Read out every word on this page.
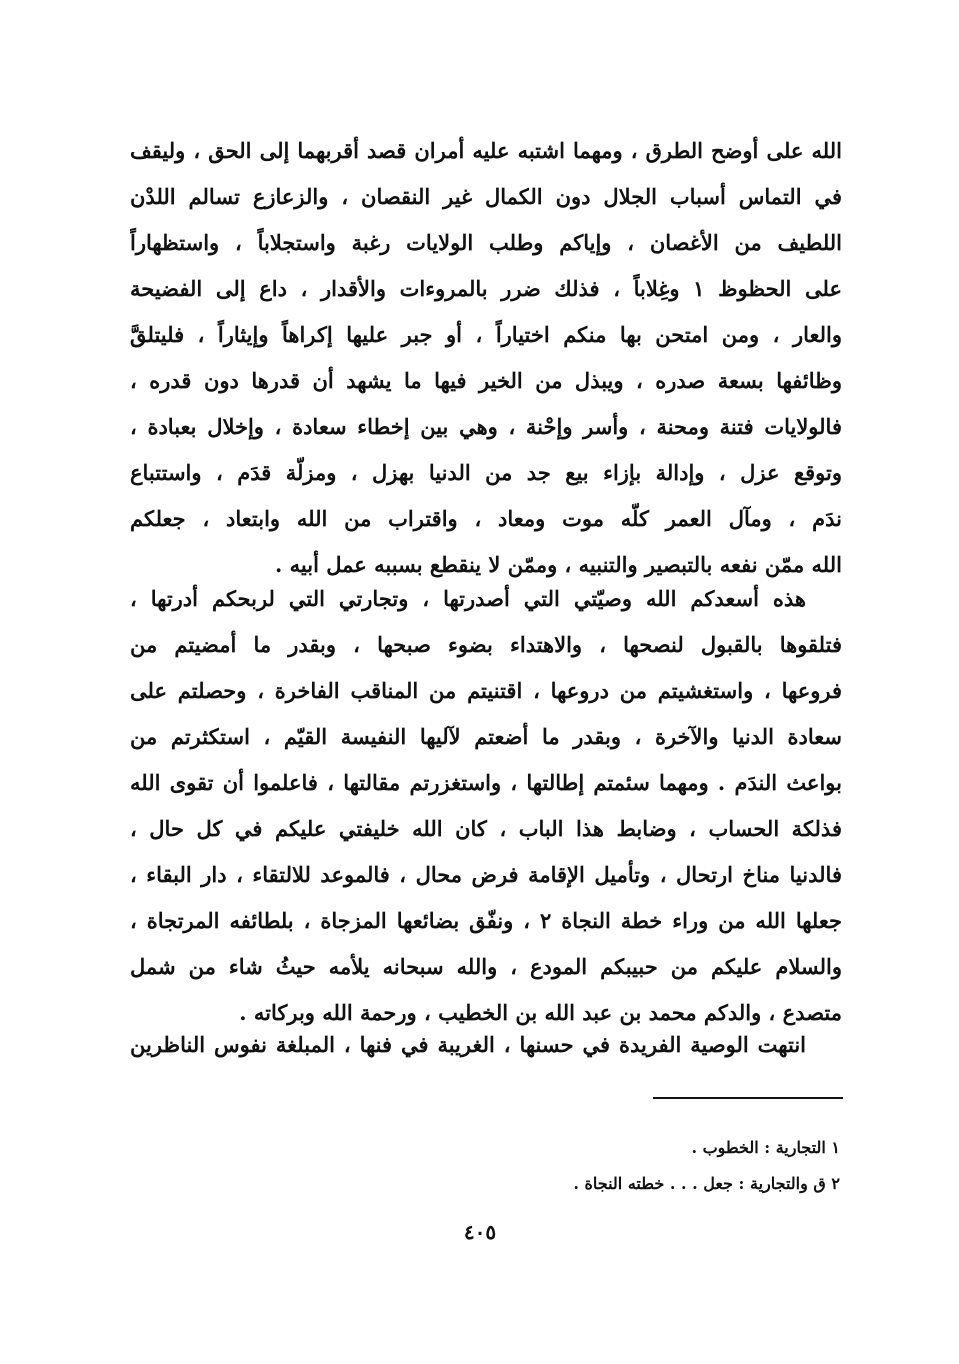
الله على أوضح الطرق ، ومهما اشتبه عليه أمران قصد أقربهما إلى الحق ، وليقف
في التماس أسباب الجلال دون الكمال غير النقصان ، والزعازع تسالم اللدْن
اللطيف من الأغصان ، وإياكم وطلب الولايات رغبة واستجلاباً ، واستظهاراً
على الحظوظ ١ وغِلاباً ، فذلك ضرر بالمروءات والأقدار ، داع إلى الفضيحة
والعار ، ومن امتحن بها منكم اختياراً ، أو جبر عليها إكراهاً وإيثاراً ، فليتلقَّ
وظائفها بسعة صدره ، ويبذل من الخير فيها ما يشهد أن قدرها دون قدره ،
فالولايات فتنة ومحنة ، وأسر وإحْنة ، وهي بين إخطاء سعادة ، وإخلال بعبادة ،
وتوقع عزل ، وإدالة بإزاء بيع جد من الدنيا بهزل ، ومزلّة قدَم ، واستتباع
ندَم ، ومآل العمر كلّه موت ومعاد ، واقتراب من الله وابتعاد ، جعلكم
الله ممّن نفعه بالتبصير والتنبيه ، وممّن لا ينقطع بسببه عمل أبيه .
هذه أسعدكم الله وصيّتي التي أصدرتها ، وتجارتي التي لربحكم أدرتها ،
فتلقوها بالقبول لنصحها ، والاهتداء بضوء صبحها ، وبقدر ما أمضيتم من
فروعها ، واستغشيتم من دروعها ، اقتنيتم من المناقب الفاخرة ، وحصلتم على
سعادة الدنيا والآخرة ، وبقدر ما أضعتم لآليها النفيسة القيّم ، استكثرتم من
بواعث الندَم . ومهما سئمتم إطالتها ، واستغزرتم مقالتها ، فاعلموا أن تقوى الله
فذلكة الحساب ، وضابط هذا الباب ، كان الله خليفتي عليكم في كل حال ،
فالدنيا مناخ ارتحال ، وتأميل الإقامة فرض محال ، فالموعد للالتقاء ، دار البقاء ،
جعلها الله من وراء خطة النجاة ٢ ، ونفّق بضائعها المزجاة ، بلطائفه المرتجاة ،
والسلام عليكم من حبيبكم المودع ، والله سبحانه يلأمه حيثُ شاء من شمل
متصدع ، والدكم محمد بن عبد الله بن الخطيب ، ورحمة الله وبركاته .
انتهت الوصية الفريدة في حسنها ، الغريبة في فنها ، المبلغة نفوس الناظرين
١ التجارية : الخطوب .
٢ ق والتجارية : جعل . . . خطته النجاة .
٤٠٥
